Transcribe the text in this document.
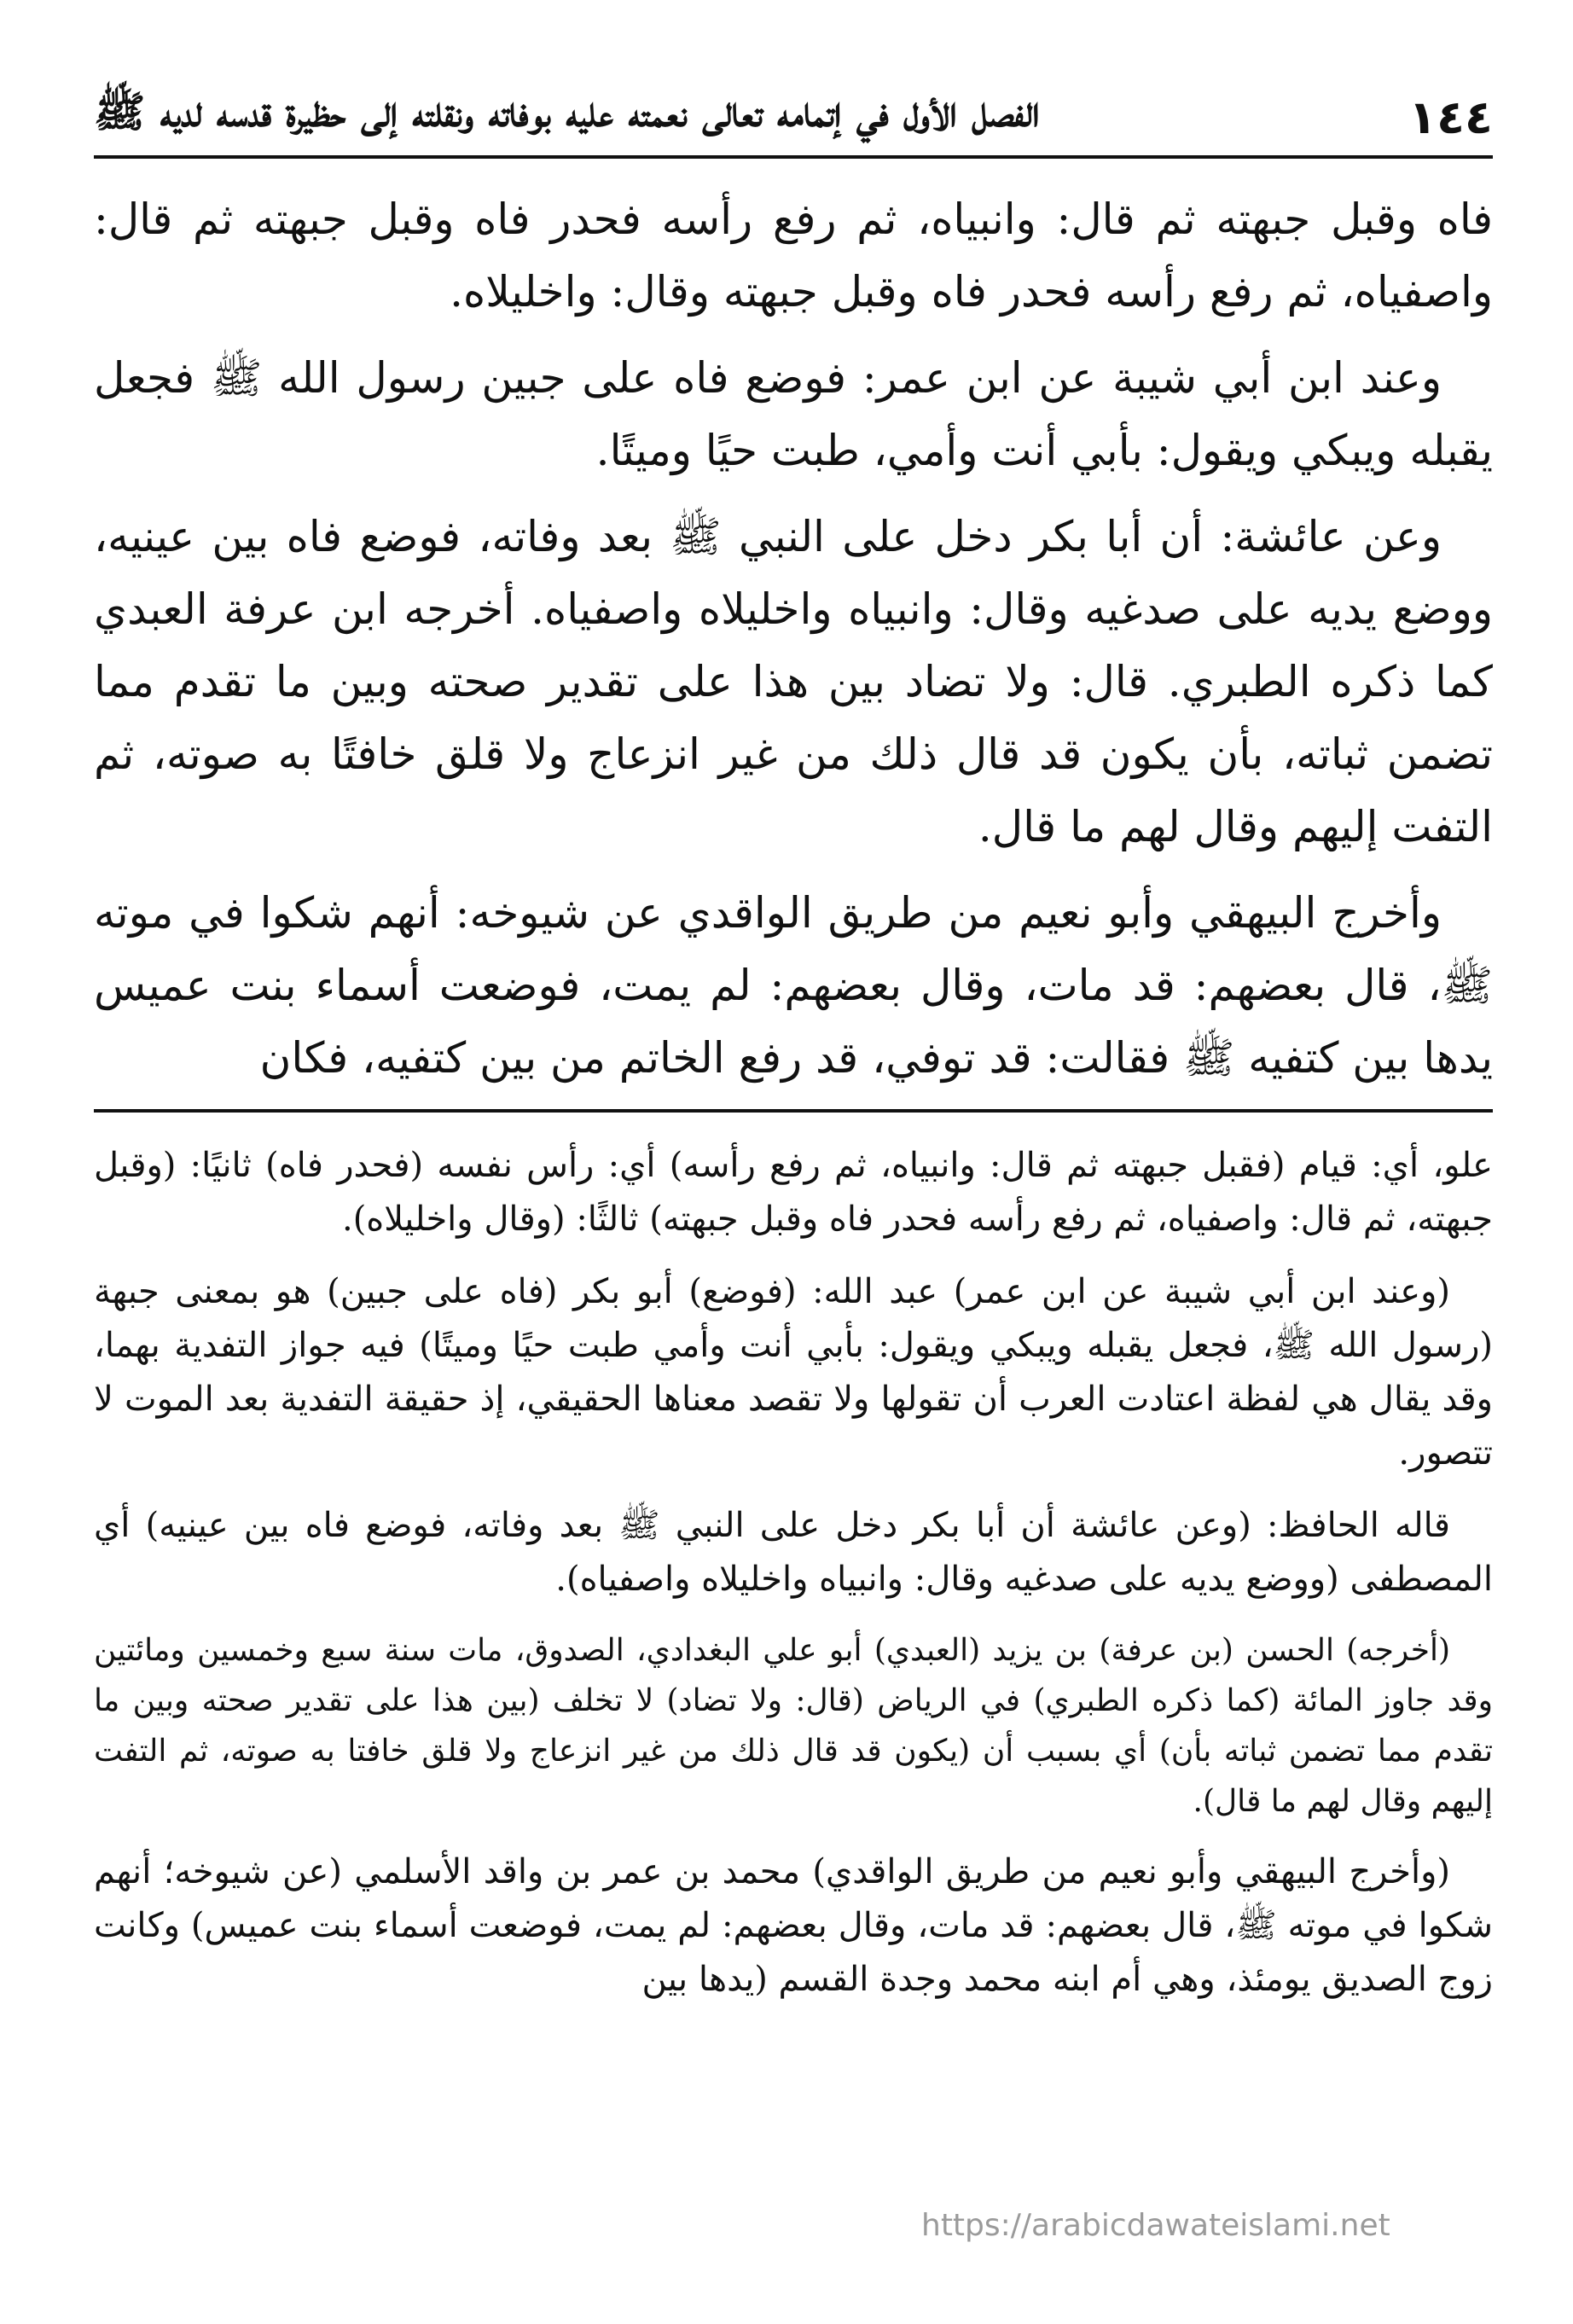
الفصل الأول في إتمامه تعالى نعمته عليه بوفاته ونقلته إلى حظيرة قدسه لديه ﷺ	١٤٤

فاه وقبل جبهته ثم قال: وانبياه، ثم رفع رأسه فحدر فاه وقبل جبهته ثم قال: واصفياه، ثم رفع رأسه فحدر فاه وقبل جبهته وقال: واخليلاه.

وعند ابن أبي شيبة عن ابن عمر: فوضع فاه على جبين رسول الله ﷺ فجعل يقبله ويبكي ويقول: بأبي أنت وأمي، طبت حيًا وميتًا.

وعن عائشة: أن أبا بكر دخل على النبي ﷺ بعد وفاته، فوضع فاه بين عينيه، ووضع يديه على صدغيه وقال: وانبياه واخليلاه واصفياه. أخرجه ابن عرفة العبدي كما ذكره الطبري. قال: ولا تضاد بين هذا على تقدير صحته وبين ما تقدم مما تضمن ثباته، بأن يكون قد قال ذلك من غير انزعاج ولا قلق خافتًا به صوته، ثم التفت إليهم وقال لهم ما قال.

وأخرج البيهقي وأبو نعيم من طريق الواقدي عن شيوخه: أنهم شكوا في موته ﷺ، قال بعضهم: قد مات، وقال بعضهم: لم يمت، فوضعت أسماء بنت عميس يدها بين كتفيه ﷺ فقالت: قد توفي، قد رفع الخاتم من بين كتفيه، فكان

علو، أي: قيام (فقبل جبهته ثم قال: وانبياه، ثم رفع رأسه) أي: رأس نفسه (فحدر فاه) ثانيًا: (وقبل جبهته، ثم قال: واصفياه، ثم رفع رأسه فحدر فاه وقبل جبهته) ثالثًا: (وقال واخليلاه).

(وعند ابن أبي شيبة عن ابن عمر) عبد الله: (فوضع) أبو بكر (فاه على جبين) هو بمعنى جبهة (رسول الله ﷺ، فجعل يقبله ويبكي ويقول: بأبي أنت وأمي طبت حيًا وميتًا) فيه جواز التفدية بهما، وقد يقال هي لفظة اعتادت العرب أن تقولها ولا تقصد معناها الحقيقي، إذ حقيقة التفدية بعد الموت لا تتصور.

قاله الحافظ: (وعن عائشة أن أبا بكر دخل على النبي ﷺ بعد وفاته، فوضع فاه بين عينيه) أي المصطفى (ووضع يديه على صدغيه وقال: وانبياه واخليلاه واصفياه).

(أخرجه) الحسن (بن عرفة) بن يزيد (العبدي) أبو علي البغدادي، الصدوق، مات سنة سبع وخمسين ومائتين وقد جاوز المائة (كما ذكره الطبري) في الرياض (قال: ولا تضاد) لا تخلف (بين هذا على تقدير صحته وبين ما تقدم مما تضمن ثباته بأن) أي بسبب أن (يكون قد قال ذلك من غير انزعاج ولا قلق خافتا به صوته، ثم التفت إليهم وقال لهم ما قال).

(وأخرج البيهقي وأبو نعيم من طريق الواقدي) محمد بن عمر بن واقد الأسلمي (عن شيوخه؛ أنهم شكوا في موته ﷺ، قال بعضهم: قد مات، وقال بعضهم: لم يمت، فوضعت أسماء بنت عميس) وكانت زوج الصديق يومئذ، وهي أم ابنه محمد وجدة القسم (يدها بين

https://arabicdawateislami.net
